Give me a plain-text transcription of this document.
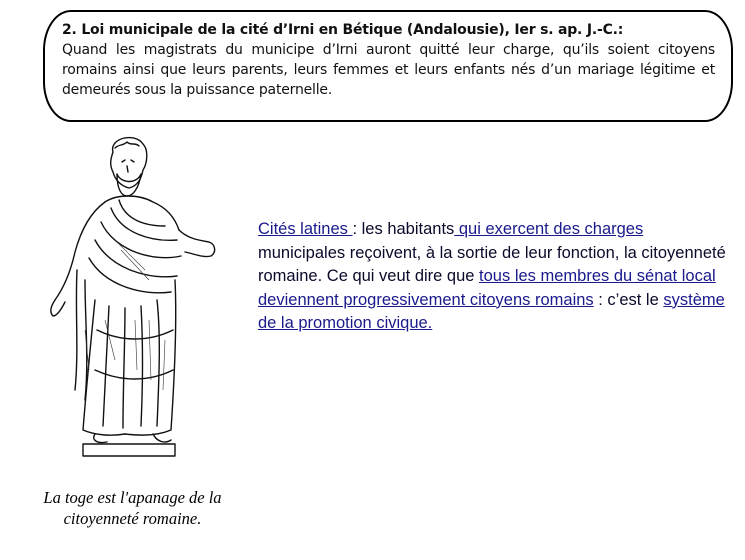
2. Loi municipale de la cité d’Irni en Bétique (Andalousie), Ier s. ap. J.-C.:
Quand les magistrats du municipe d’Irni auront quitté leur charge, qu’ils soient citoyens romains ainsi que leurs parents, leurs femmes et leurs enfants nés d’un mariage légitime et demeurés sous la puissance paternelle.
La toge est l'apanage de la citoyenneté romaine.
Cités latines : les habitants qui exercent des charges municipales reçoivent, à la sortie de leur fonction, la citoyenneté romaine. Ce qui veut dire que tous les membres du sénat local deviennent progressivement citoyens romains : c’est le système de la promotion civique.
